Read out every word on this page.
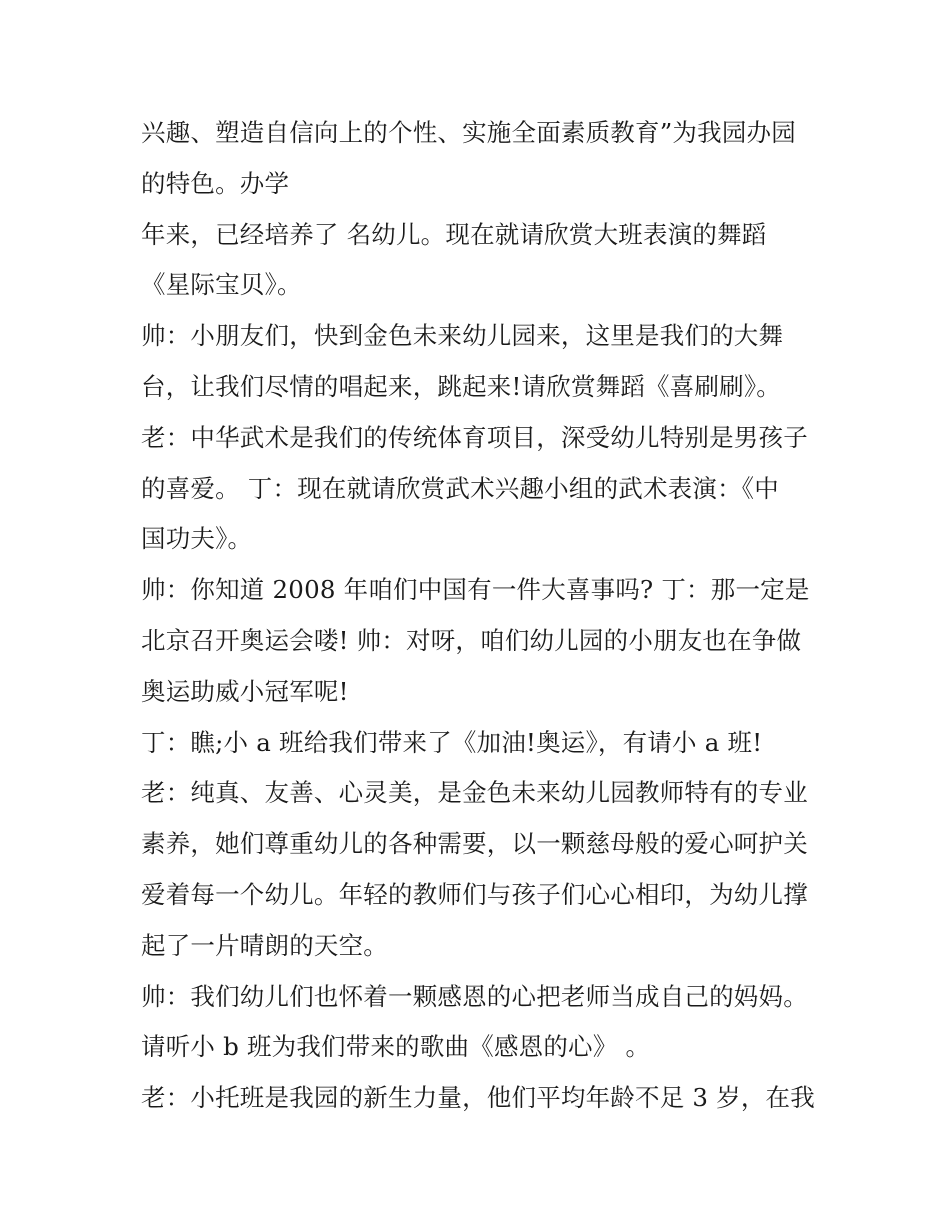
兴趣、塑造自信向上的个性、实施全面素质教育”为我园办园
的特色。办学
年来，已经培养了 名幼儿。现在就请欣赏大班表演的舞蹈
《星际宝贝》。
帅：小朋友们，快到金色未来幼儿园来，这里是我们的大舞
台，让我们尽情的唱起来，跳起来!请欣赏舞蹈《喜刷刷》。
老：中华武术是我们的传统体育项目，深受幼儿特别是男孩子
的喜爱。 丁：现在就请欣赏武术兴趣小组的武术表演：《中
国功夫》。
帅：你知道 2008 年咱们中国有一件大喜事吗? 丁：那一定是
北京召开奥运会喽! 帅：对呀，咱们幼儿园的小朋友也在争做
奥运助威小冠军呢!
丁：瞧;小 a 班给我们带来了《加油!奥运》，有请小 a 班!
老：纯真、友善、心灵美，是金色未来幼儿园教师特有的专业
素养，她们尊重幼儿的各种需要，以一颗慈母般的爱心呵护关
爱着每一个幼儿。年轻的教师们与孩子们心心相印，为幼儿撑
起了一片晴朗的天空。
帅：我们幼儿们也怀着一颗感恩的心把老师当成自己的妈妈。
请听小 b 班为我们带来的歌曲《感恩的心》 。
老：小托班是我园的新生力量，他们平均年龄不足 3 岁，在我
